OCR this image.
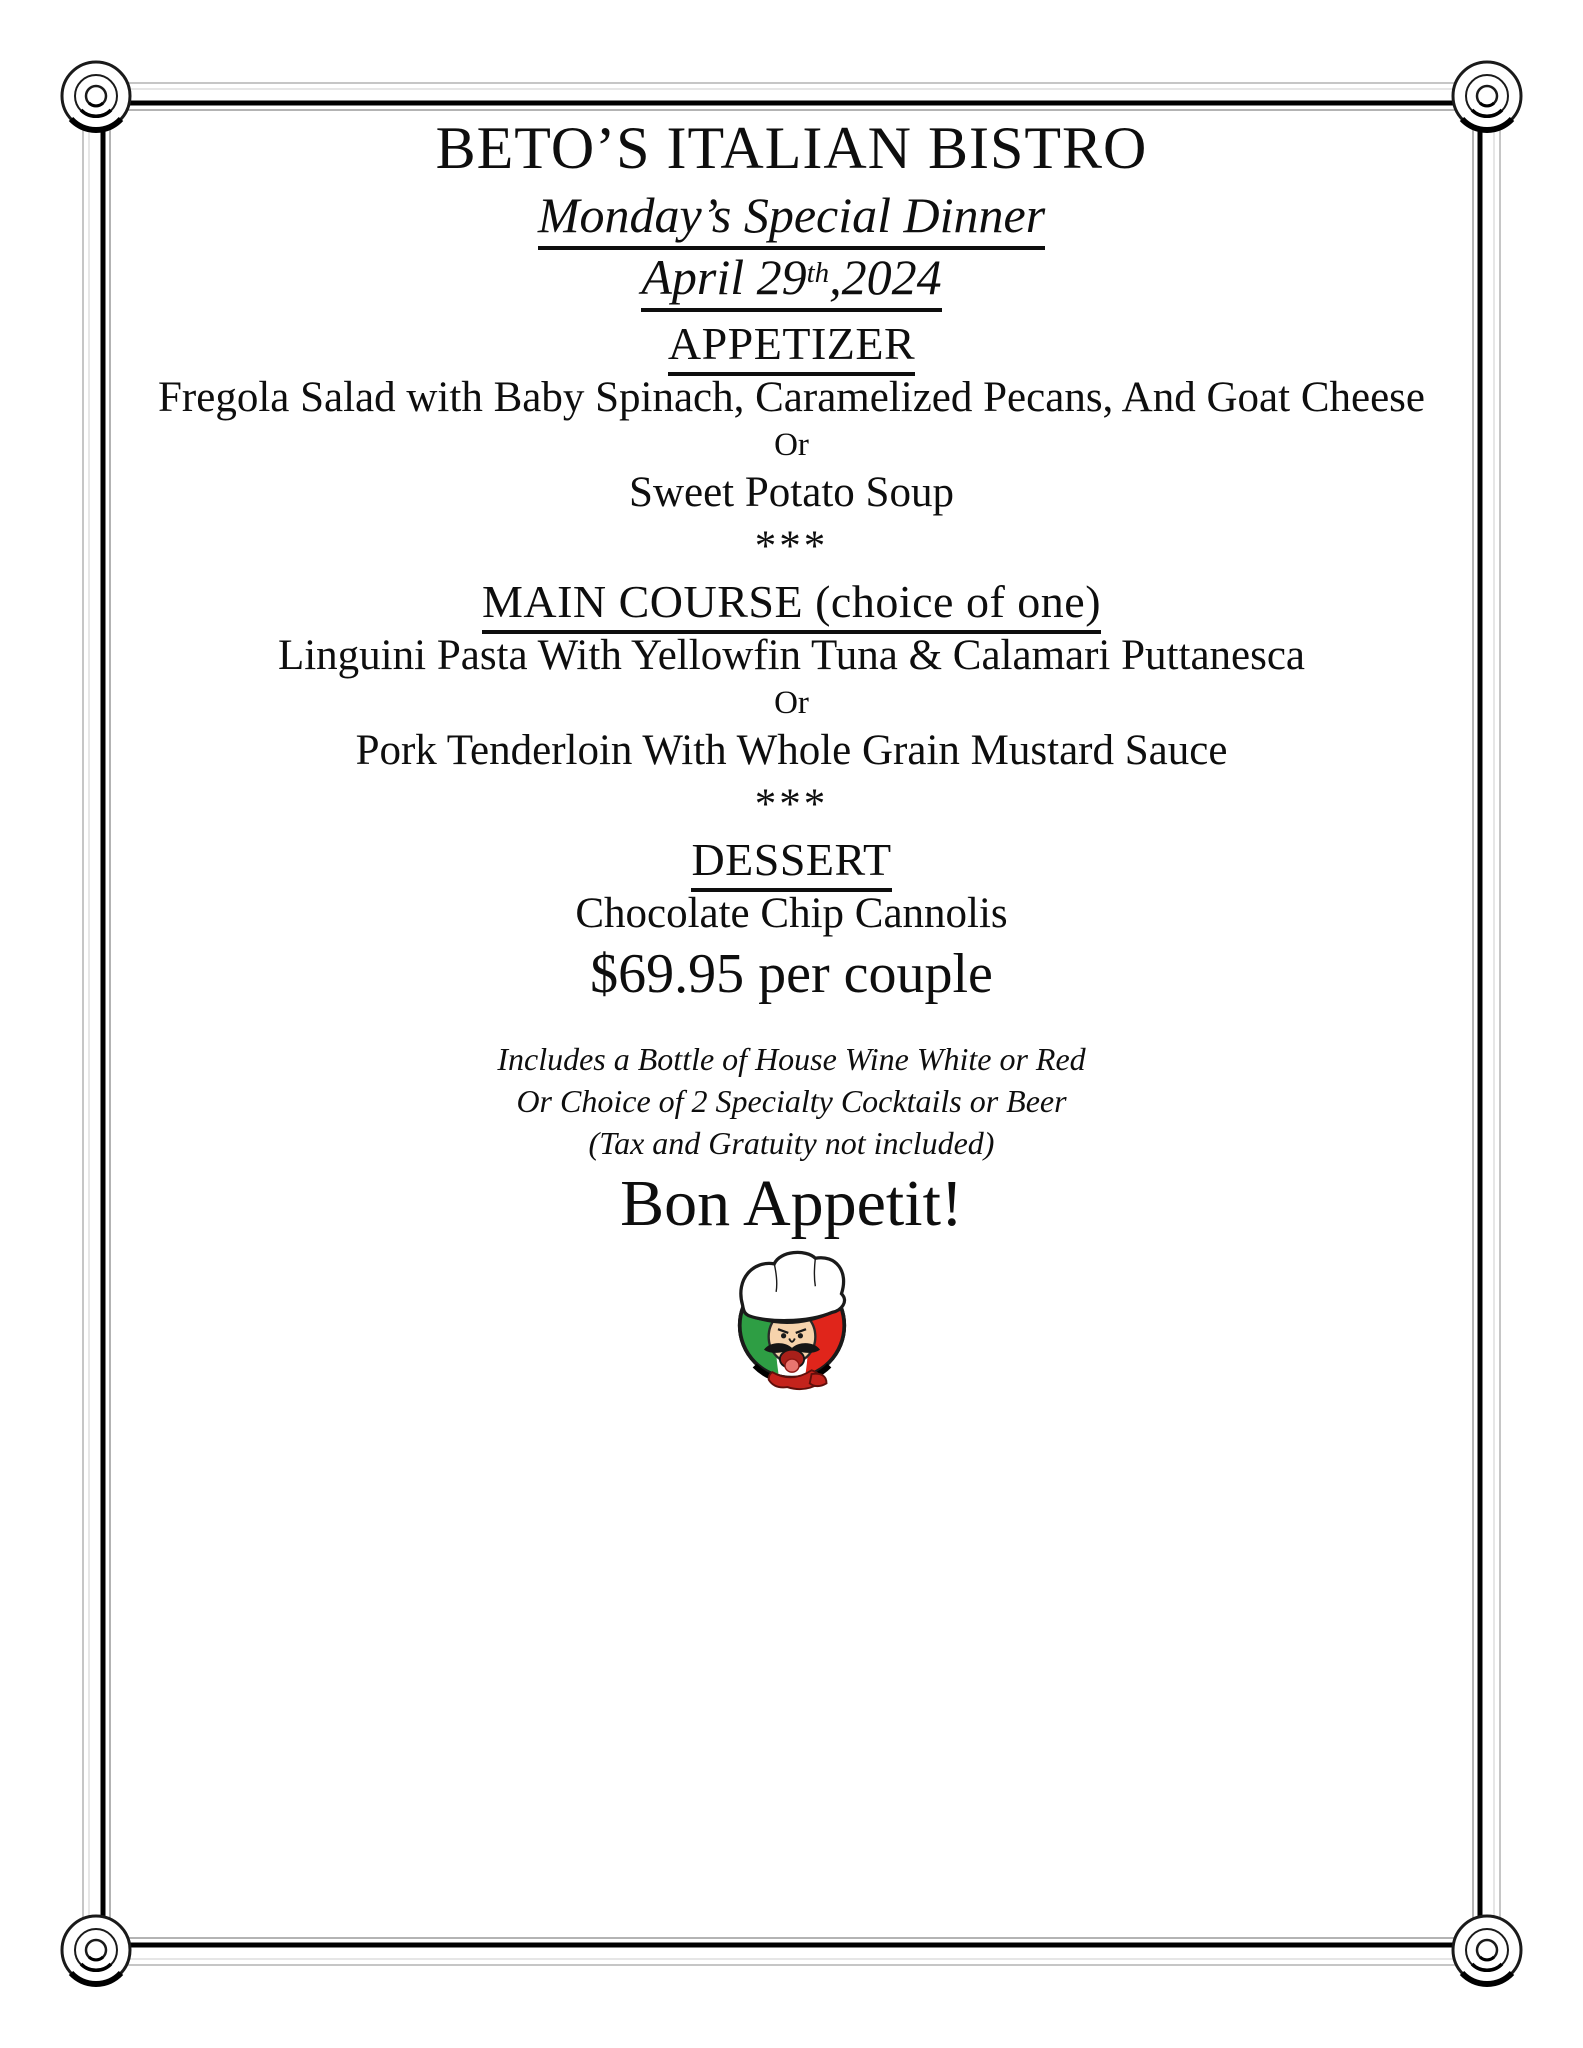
BETO’S ITALIAN BISTRO
Monday’s Special Dinner
April 29th,2024
APPETIZER

Fregola Salad with Baby Spinach, Caramelized Pecans, And Goat Cheese

Or

Sweet Potato Soup

***

MAIN COURSE (choice of one)

Linguini Pasta With Yellowfin Tuna & Calamari Puttanesca

Or

Pork Tenderloin With Whole Grain Mustard Sauce

***

DESSERT

Chocolate Chip Cannolis

$69.95 per couple

Includes a Bottle of House Wine White or Red

Or Choice of 2 Specialty Cocktails or Beer

(Tax and Gratuity not included)

Bon Appetit!
